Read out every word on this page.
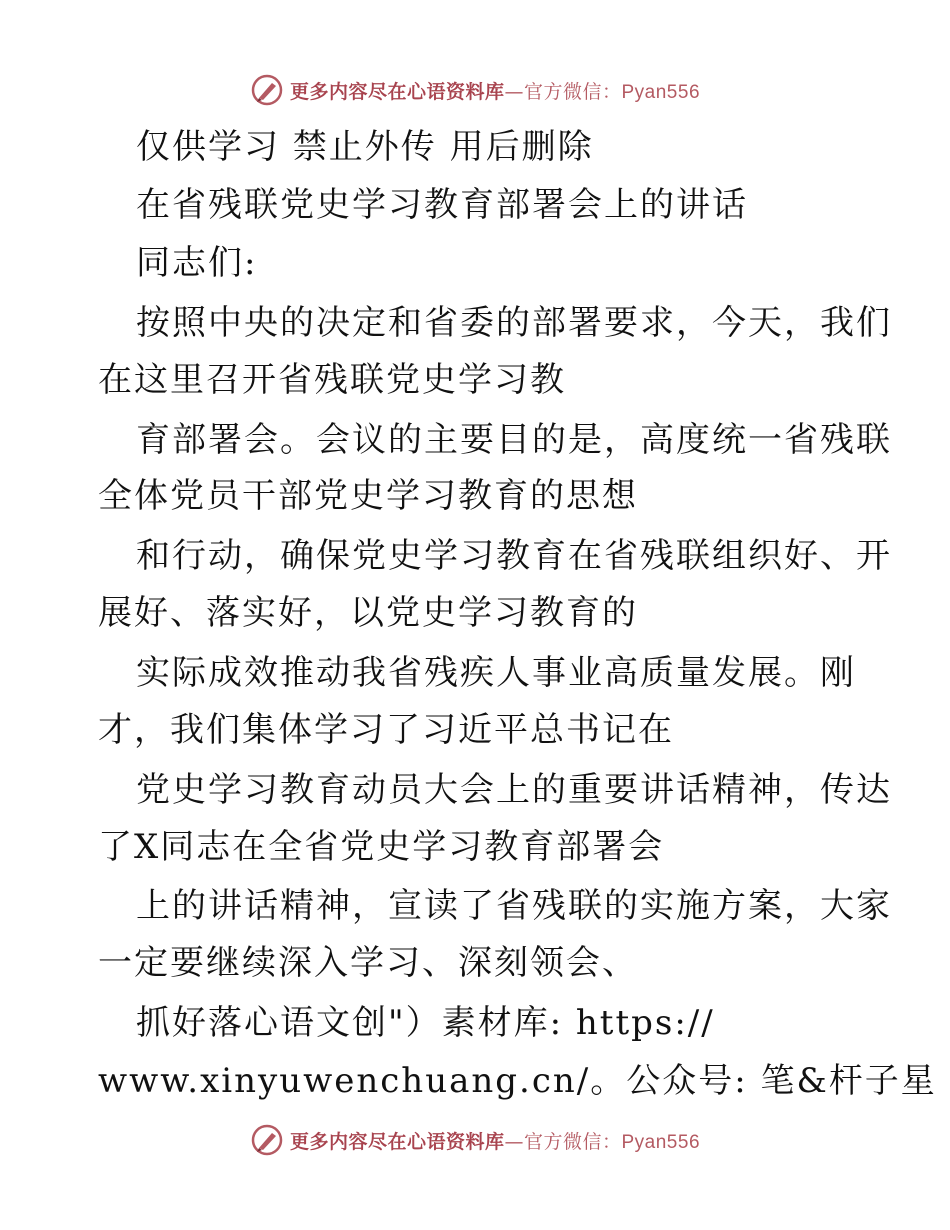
更多内容尽在心语资料库—官方微信：Pyan556
仅供学习 禁止外传 用后删除
在省残联党史学习教育部署会上的讲话
同志们:
按照中央的决定和省委的部署要求，今天，我们
在这里召开省残联党史学习教
育部署会。会议的主要目的是，高度统一省残联
全体党员干部党史学习教育的思想
和行动，确保党史学习教育在省残联组织好、开
展好、落实好，以党史学习教育的
实际成效推动我省残疾人事业高质量发展。刚
才，我们集体学习了习近平总书记在
党史学习教育动员大会上的重要讲话精神，传达
了X同志在全省党史学习教育部署会
上的讲话精神，宣读了省残联的实施方案，大家
一定要继续深入学习、深刻领会、
抓好落心语文创"）素材库: https://
www.xinyuwenchuang.cn/。公众号: 笔&杆子星
更多内容尽在心语资料库—官方微信：Pyan556
